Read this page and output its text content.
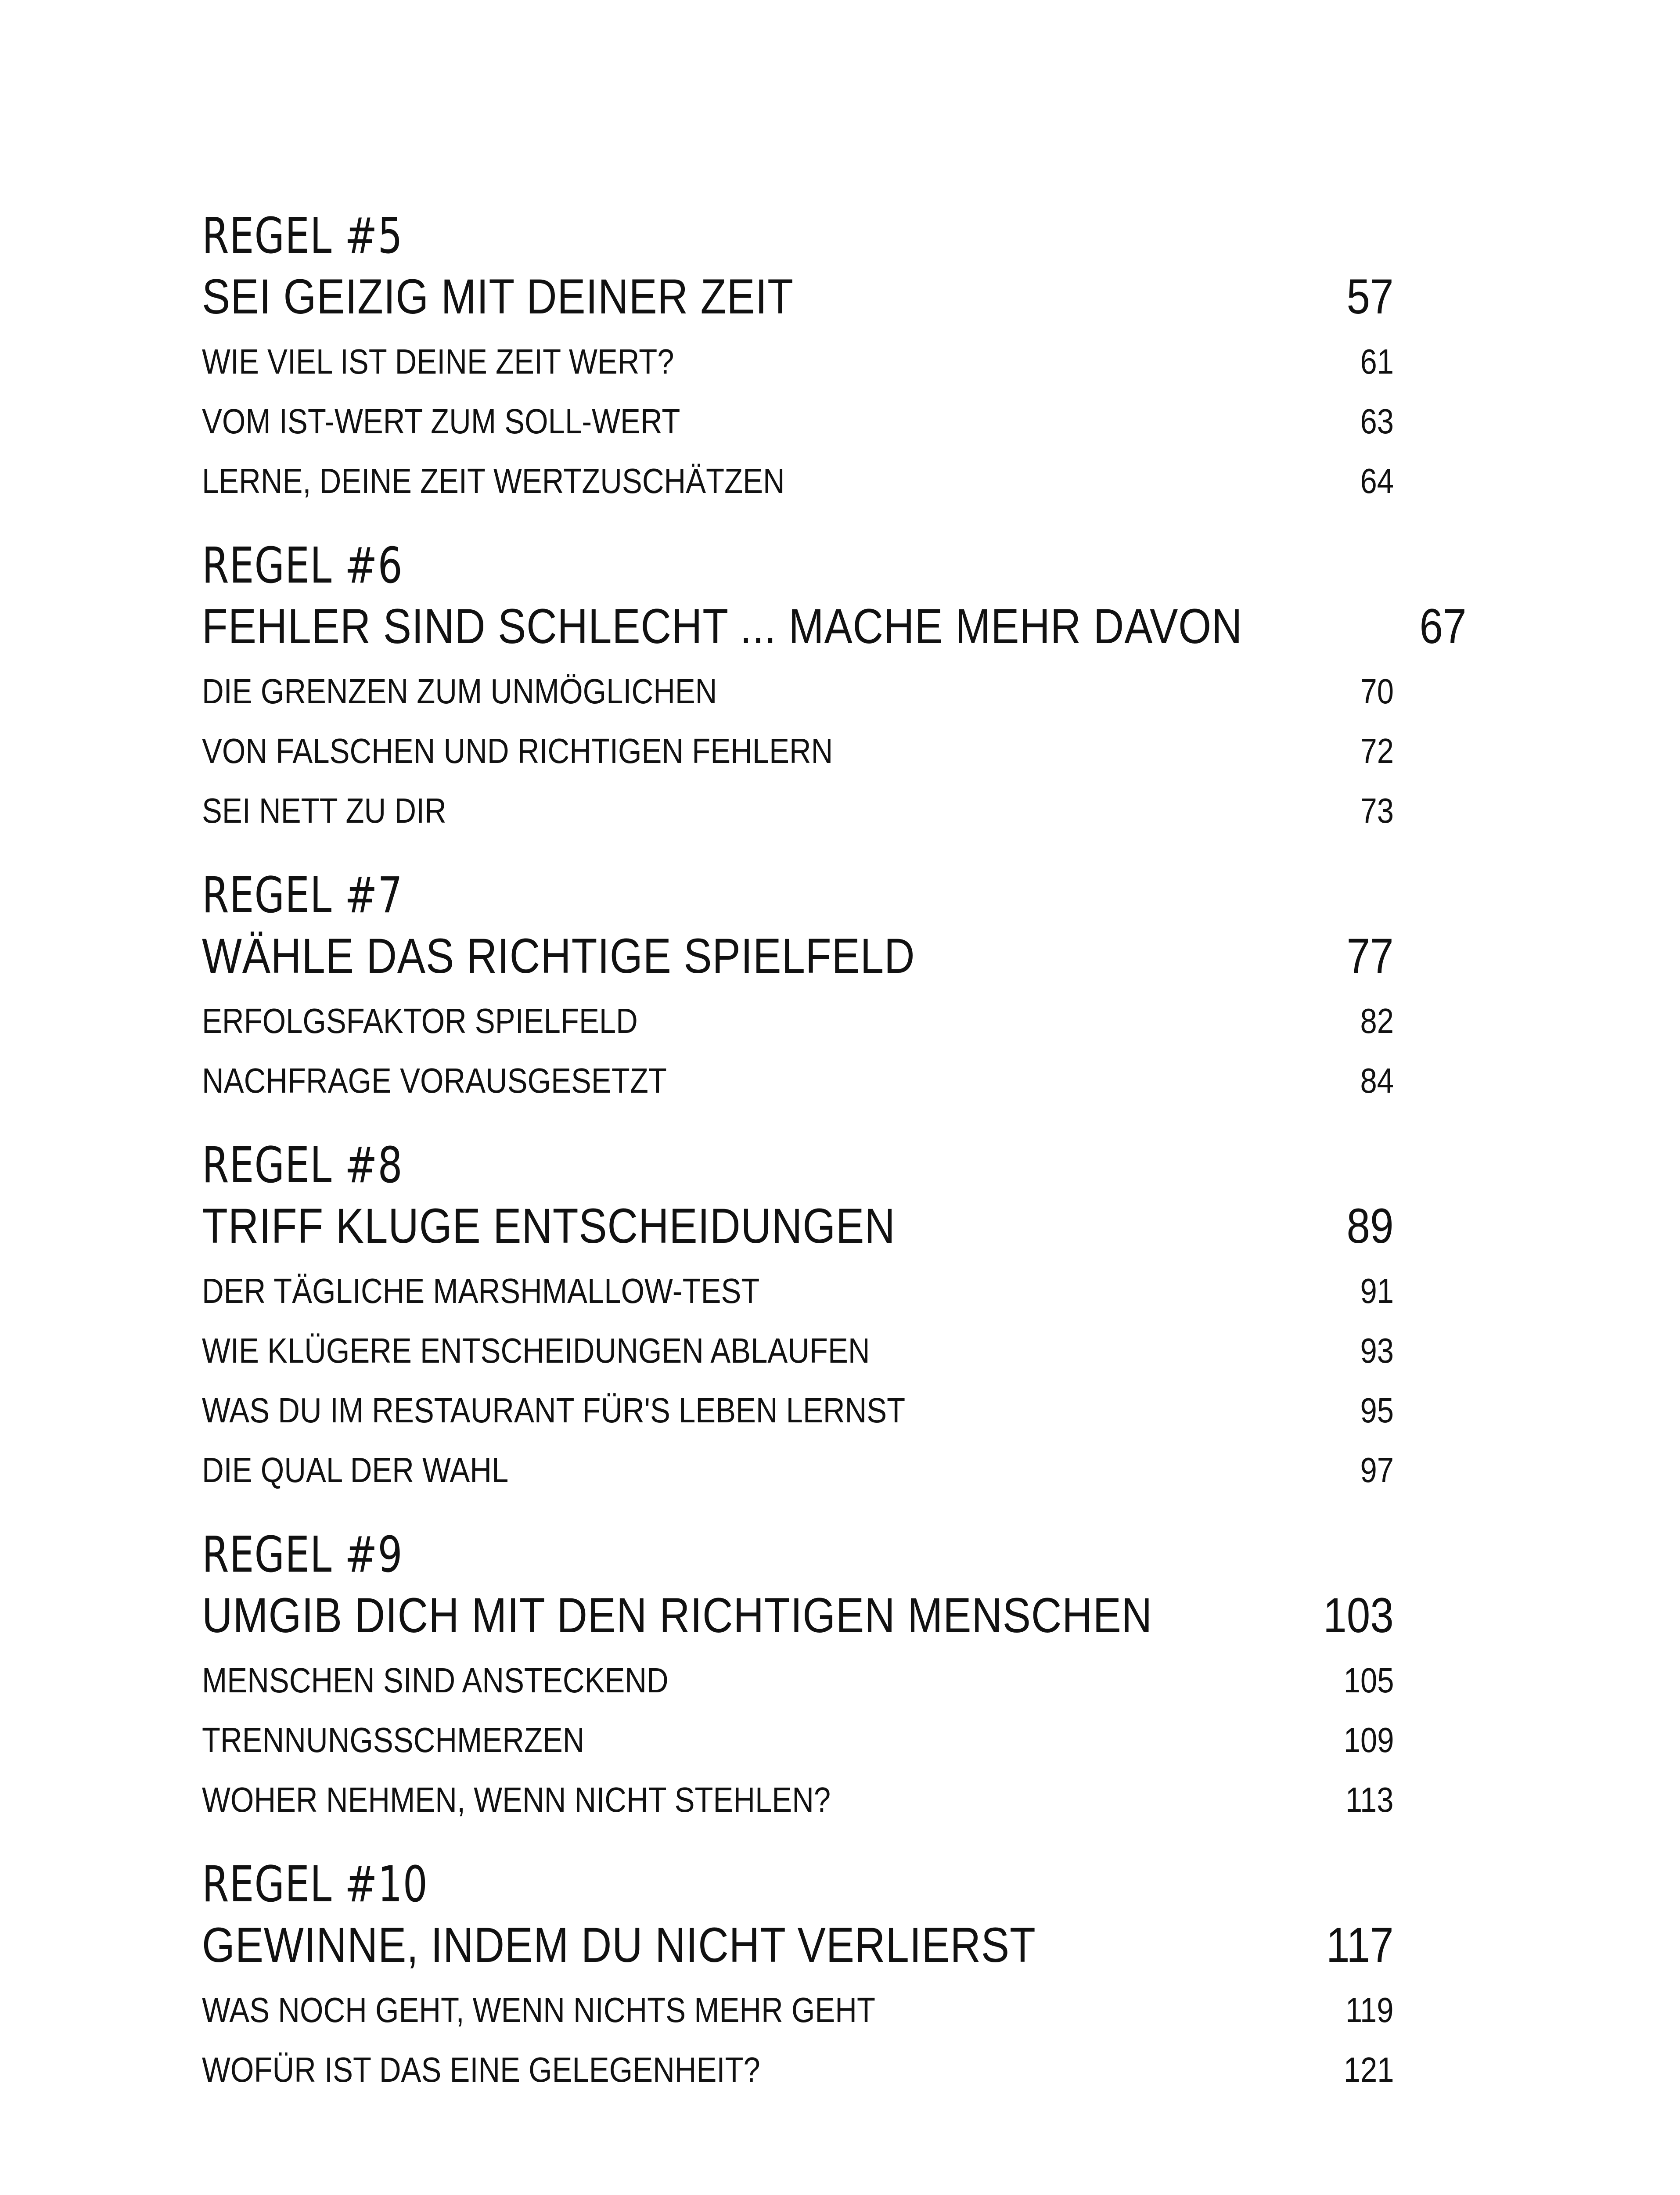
REGEL #5
SEI GEIZIG MIT DEINER ZEIT	57
WIE VIEL IST DEINE ZEIT WERT?	61
VOM IST-WERT ZUM SOLL-WERT	63
LERNE, DEINE ZEIT WERTZUSCHÄTZEN	64
REGEL #6
FEHLER SIND SCHLECHT ... MACHE MEHR DAVON	67
DIE GRENZEN ZUM UNMÖGLICHEN	70
VON FALSCHEN UND RICHTIGEN FEHLERN	72
SEI NETT ZU DIR	73
REGEL #7
WÄHLE DAS RICHTIGE SPIELFELD	77
ERFOLGSFAKTOR SPIELFELD	82
NACHFRAGE VORAUSGESETZT	84
REGEL #8
TRIFF KLUGE ENTSCHEIDUNGEN	89
DER TÄGLICHE MARSHMALLOW-TEST	91
WIE KLÜGERE ENTSCHEIDUNGEN ABLAUFEN	93
WAS DU IM RESTAURANT FÜR'S LEBEN LERNST	95
DIE QUAL DER WAHL	97
REGEL #9
UMGIB DICH MIT DEN RICHTIGEN MENSCHEN	103
MENSCHEN SIND ANSTECKEND	105
TRENNUNGSSCHMERZEN	109
WOHER NEHMEN, WENN NICHT STEHLEN?	113
REGEL #10
GEWINNE, INDEM DU NICHT VERLIERST	117
WAS NOCH GEHT, WENN NICHTS MEHR GEHT	119
WOFÜR IST DAS EINE GELEGENHEIT?	121
